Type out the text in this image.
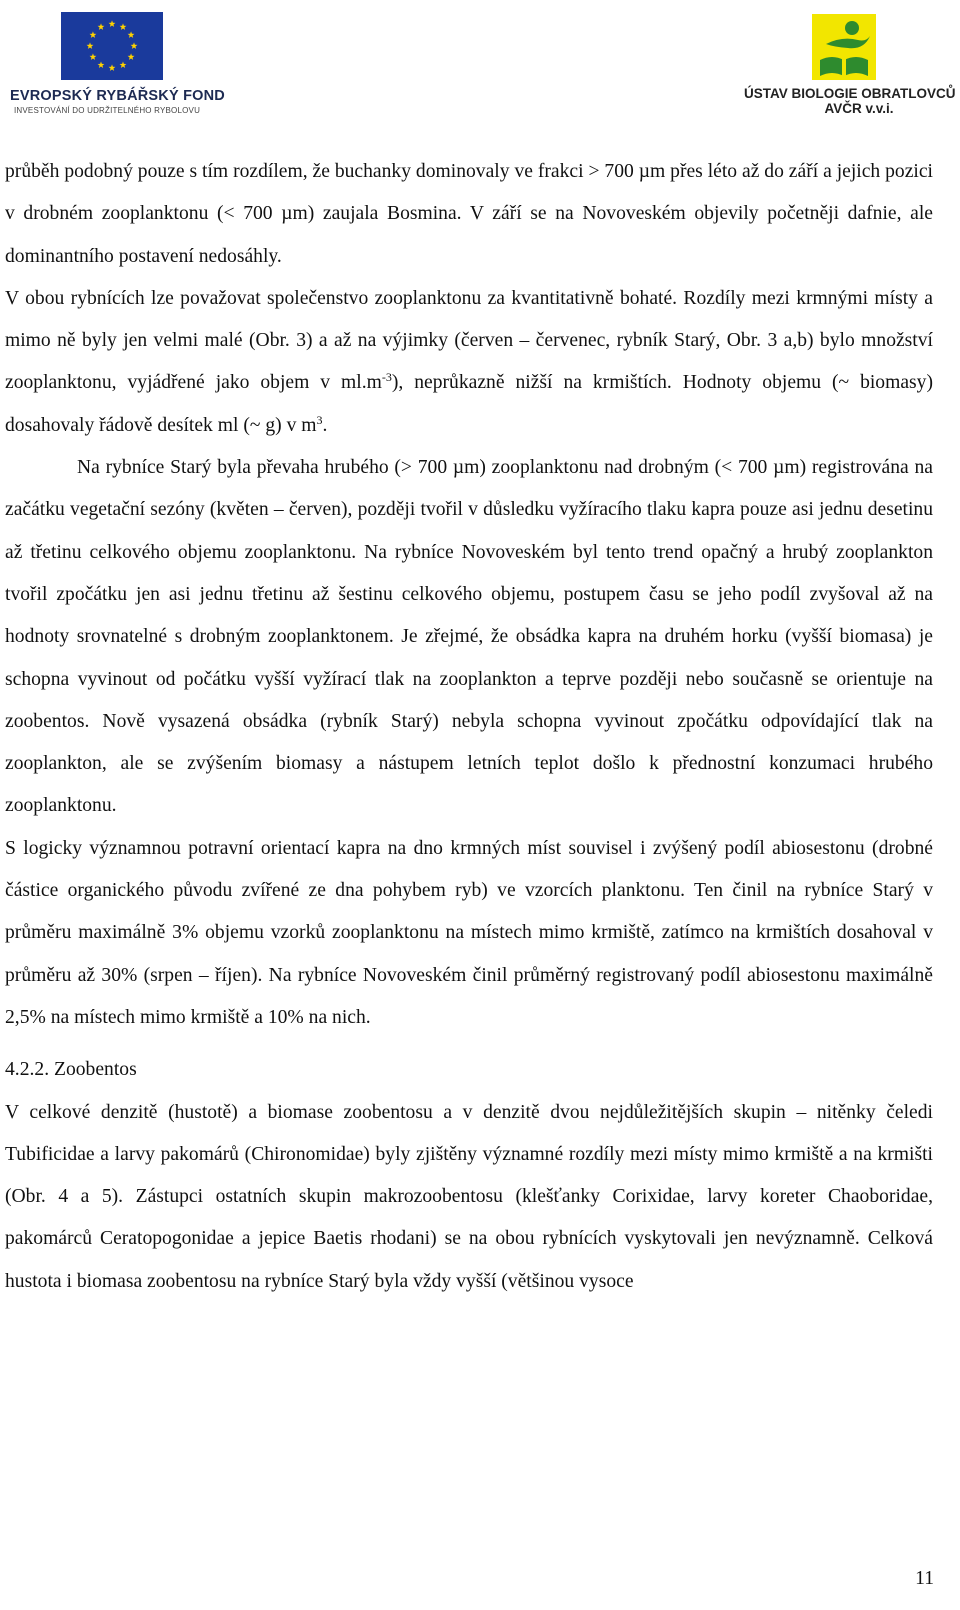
EVROPSKÝ RYBÁŘSKÝ FOND
INVESTOVÁNÍ DO UDRŽITELNÉHO RYBOLOVU
ÚSTAV BIOLOGIE OBRATLOVCŮ
AVČR v.v.i.

průběh podobný pouze s tím rozdílem, že buchanky dominovaly ve frakci > 700 µm přes léto až do září a jejich pozici v drobném zooplanktonu (< 700 µm) zaujala Bosmina. V září se na Novoveském objevily početněji dafnie, ale dominantního postavení nedosáhly.

V obou rybnících lze považovat společenstvo zooplanktonu za kvantitativně bohaté. Rozdíly mezi krmnými místy a mimo ně byly jen velmi malé (Obr. 3) a až na výjimky (červen – červenec, rybník Starý, Obr. 3 a,b) bylo množství zooplanktonu, vyjádřené jako objem v $ml.m^{-3}$), neprůkazně nižší na krmištích. Hodnoty objemu (~ biomasy) dosahovaly řádově desítek ml (~ g) v $m^3$.

Na rybníce Starý byla převaha hrubého (> 700 µm) zooplanktonu nad drobným (< 700 µm) registrována na začátku vegetační sezóny (květen – červen), později tvořil v důsledku vyžíracího tlaku kapra pouze asi jednu desetinu až třetinu celkového objemu zooplanktonu. Na rybníce Novoveském byl tento trend opačný a hrubý zooplankton tvořil zpočátku jen asi jednu třetinu až šestinu celkového objemu, postupem času se jeho podíl zvyšoval až na hodnoty srovnatelné s drobným zooplanktonem. Je zřejmé, že obsádka kapra na druhém horku (vyšší biomasa) je schopna vyvinout od počátku vyšší vyžírací tlak na zooplankton a teprve později nebo současně se orientuje na zoobentos. Nově vysazená obsádka (rybník Starý) nebyla schopna vyvinout zpočátku odpovídající tlak na zooplankton, ale se zvýšením biomasy a nástupem letních teplot došlo k přednostní konzumaci hrubého zooplanktonu.

S logicky významnou potravní orientací kapra na dno krmných míst souvisel i zvýšený podíl abiosestonu (drobné částice organického původu zvířené ze dna pohybem ryb) ve vzorcích planktonu. Ten činil na rybníce Starý v průměru maximálně 3% objemu vzorků zooplanktonu na místech mimo krmiště, zatímco na krmištích dosahoval v průměru až 30% (srpen – říjen). Na rybníce Novoveském činil průměrný registrovaný podíl abiosestonu maximálně 2,5% na místech mimo krmiště a 10% na nich.

4.2.2. Zoobentos

V celkové denzitě (hustotě) a biomase zoobentosu a v denzitě dvou nejdůležitějších skupin – nitěnky čeledi Tubificidae a larvy pakomárů (Chironomidae) byly zjištěny významné rozdíly mezi místy mimo krmiště a na krmišti (Obr. 4 a 5). Zástupci ostatních skupin makrozoobentosu (klešťanky Corixidae, larvy koreter Chaoboridae, pakomárců Ceratopogonidae a jepice Baetis rhodani) se na obou rybnících vyskytovali jen nevýznamně. Celková hustota i biomasa zoobentosu na rybníce Starý byla vždy vyšší (většinou vysoce

11
